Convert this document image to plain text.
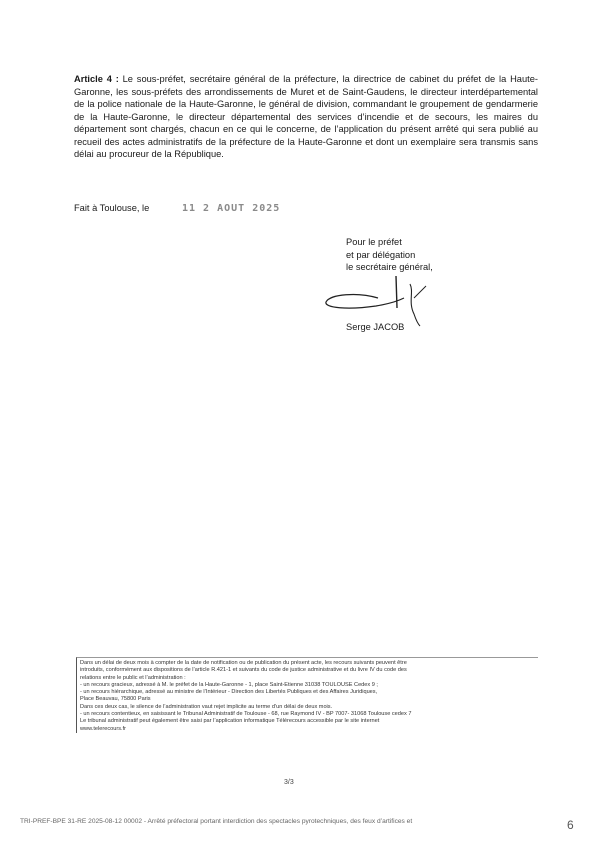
Article 4 : Le sous-préfet, secrétaire général de la préfecture, la directrice de cabinet du préfet de la Haute-Garonne, les sous-préfets des arrondissements de Muret et de Saint-Gaudens, le directeur interdépartemental de la police nationale de la Haute-Garonne, le général de division, commandant le groupement de gendarmerie de la Haute-Garonne, le directeur départemental des services d’incendie et de secours, les maires du département sont chargés, chacun en ce qui le concerne, de l’application du présent arrêté qui sera publié au recueil des actes administratifs de la préfecture de la Haute-Garonne et dont un exemplaire sera transmis sans délai au procureur de la République.
Fait à Toulouse, le	11 2 AOUT 2025
Pour le préfet
et par délégation
le secrétaire général,
Serge JACOB
Dans un délai de deux mois à compter de la date de notification ou de publication du présent acte, les recours suivants peuvent être
introduits, conformément aux dispositions de l’article R.421-1 et suivants du code de justice administrative et du livre IV du code des
relations entre le public et l’administration :
- un recours gracieux, adressé à M. le préfet de la Haute-Garonne - 1, place Saint-Étienne 31038 TOULOUSE Cedex 9 ;
- un recours hiérarchique, adressé au ministre de l’Intérieur - Direction des Libertés Publiques et des Affaires Juridiques,
Place Beauvau, 75800 Paris
Dans ces deux cas, le silence de l’administration vaut rejet implicite au terme d’un délai de deux mois.
- un recours contentieux, en saisissant le Tribunal Administratif de Toulouse - 68, rue Raymond IV - BP 7007- 31068 Toulouse cedex 7
Le tribunal administratif peut également être saisi par l’application informatique Télérecours accessible par le site internet
www.telerecours.fr
3/3
TRI-PREF-BPE 31-RE 2025-08-12 00002 - Arrêté préfectoral portant interdiction des spectacles pyrotechniques, des feux d’artifices et	6
